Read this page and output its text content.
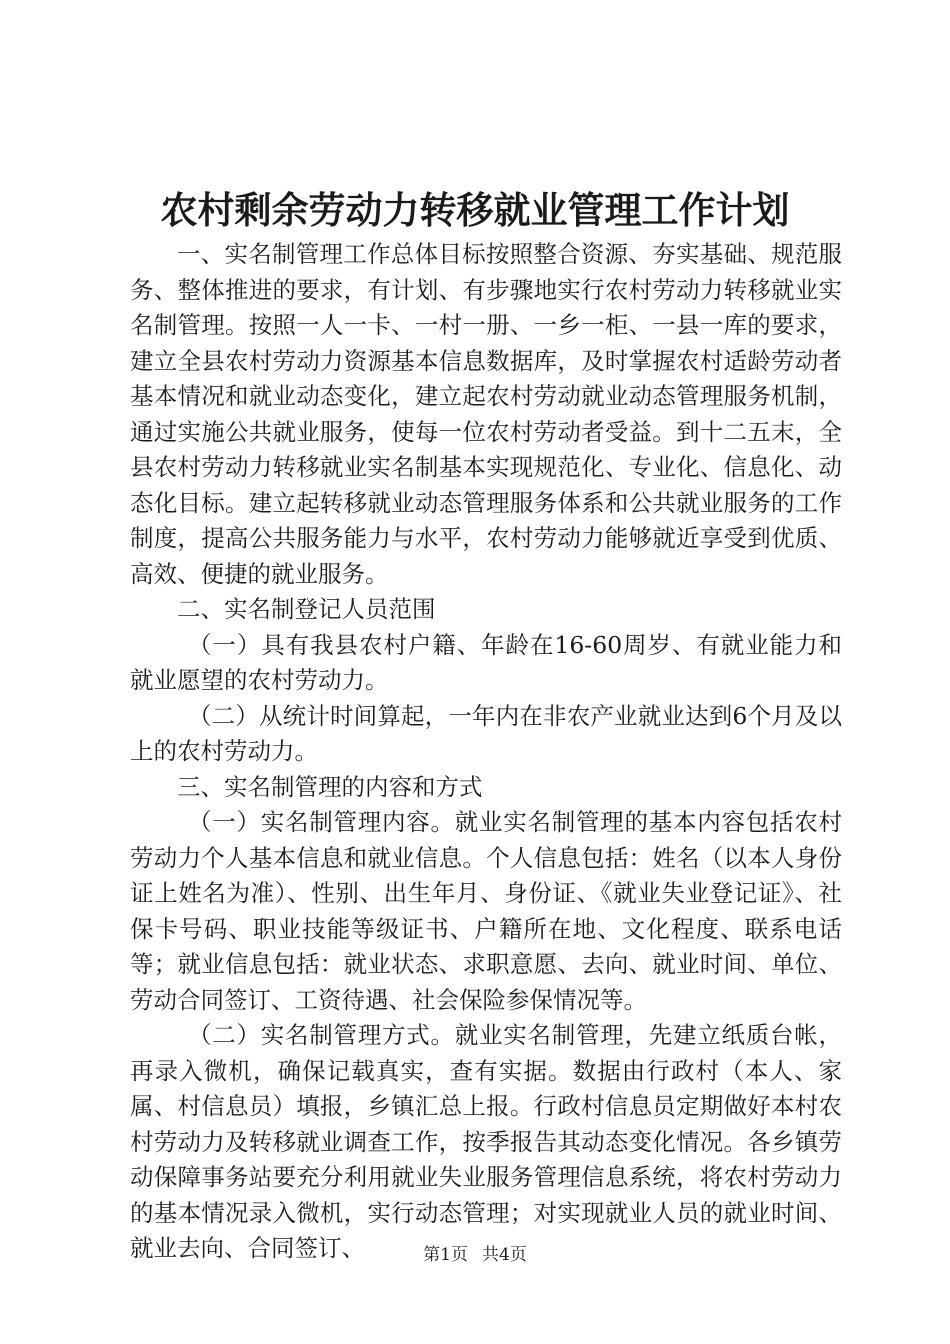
农村剩余劳动力转移就业管理工作计划

一、实名制管理工作总体目标按照整合资源、夯实基础、规范服务、整体推进的要求，有计划、有步骤地实行农村劳动力转移就业实名制管理。按照一人一卡、一村一册、一乡一柜、一县一库的要求，建立全县农村劳动力资源基本信息数据库，及时掌握农村适龄劳动者基本情况和就业动态变化，建立起农村劳动就业动态管理服务机制，通过实施公共就业服务，使每一位农村劳动者受益。到十二五末，全县农村劳动力转移就业实名制基本实现规范化、专业化、信息化、动态化目标。建立起转移就业动态管理服务体系和公共就业服务的工作制度，提高公共服务能力与水平，农村劳动力能够就近享受到优质、高效、便捷的就业服务。

二、实名制登记人员范围

（一）具有我县农村户籍、年龄在16-60周岁、有就业能力和就业愿望的农村劳动力。

（二）从统计时间算起，一年内在非农产业就业达到6个月及以上的农村劳动力。

三、实名制管理的内容和方式

（一）实名制管理内容。就业实名制管理的基本内容包括农村劳动力个人基本信息和就业信息。个人信息包括：姓名（以本人身份证上姓名为准）、性别、出生年月、身份证、《就业失业登记证》、社保卡号码、职业技能等级证书、户籍所在地、文化程度、联系电话等；就业信息包括：就业状态、求职意愿、去向、就业时间、单位、劳动合同签订、工资待遇、社会保险参保情况等。

（二）实名制管理方式。就业实名制管理，先建立纸质台帐，再录入微机，确保记载真实，查有实据。数据由行政村（本人、家属、村信息员）填报，乡镇汇总上报。行政村信息员定期做好本村农村劳动力及转移就业调查工作，按季报告其动态变化情况。各乡镇劳动保障事务站要充分利用就业失业服务管理信息系统，将农村劳动力的基本情况录入微机，实行动态管理；对实现就业人员的就业时间、就业去向、合同签订、	第1页 共4页
